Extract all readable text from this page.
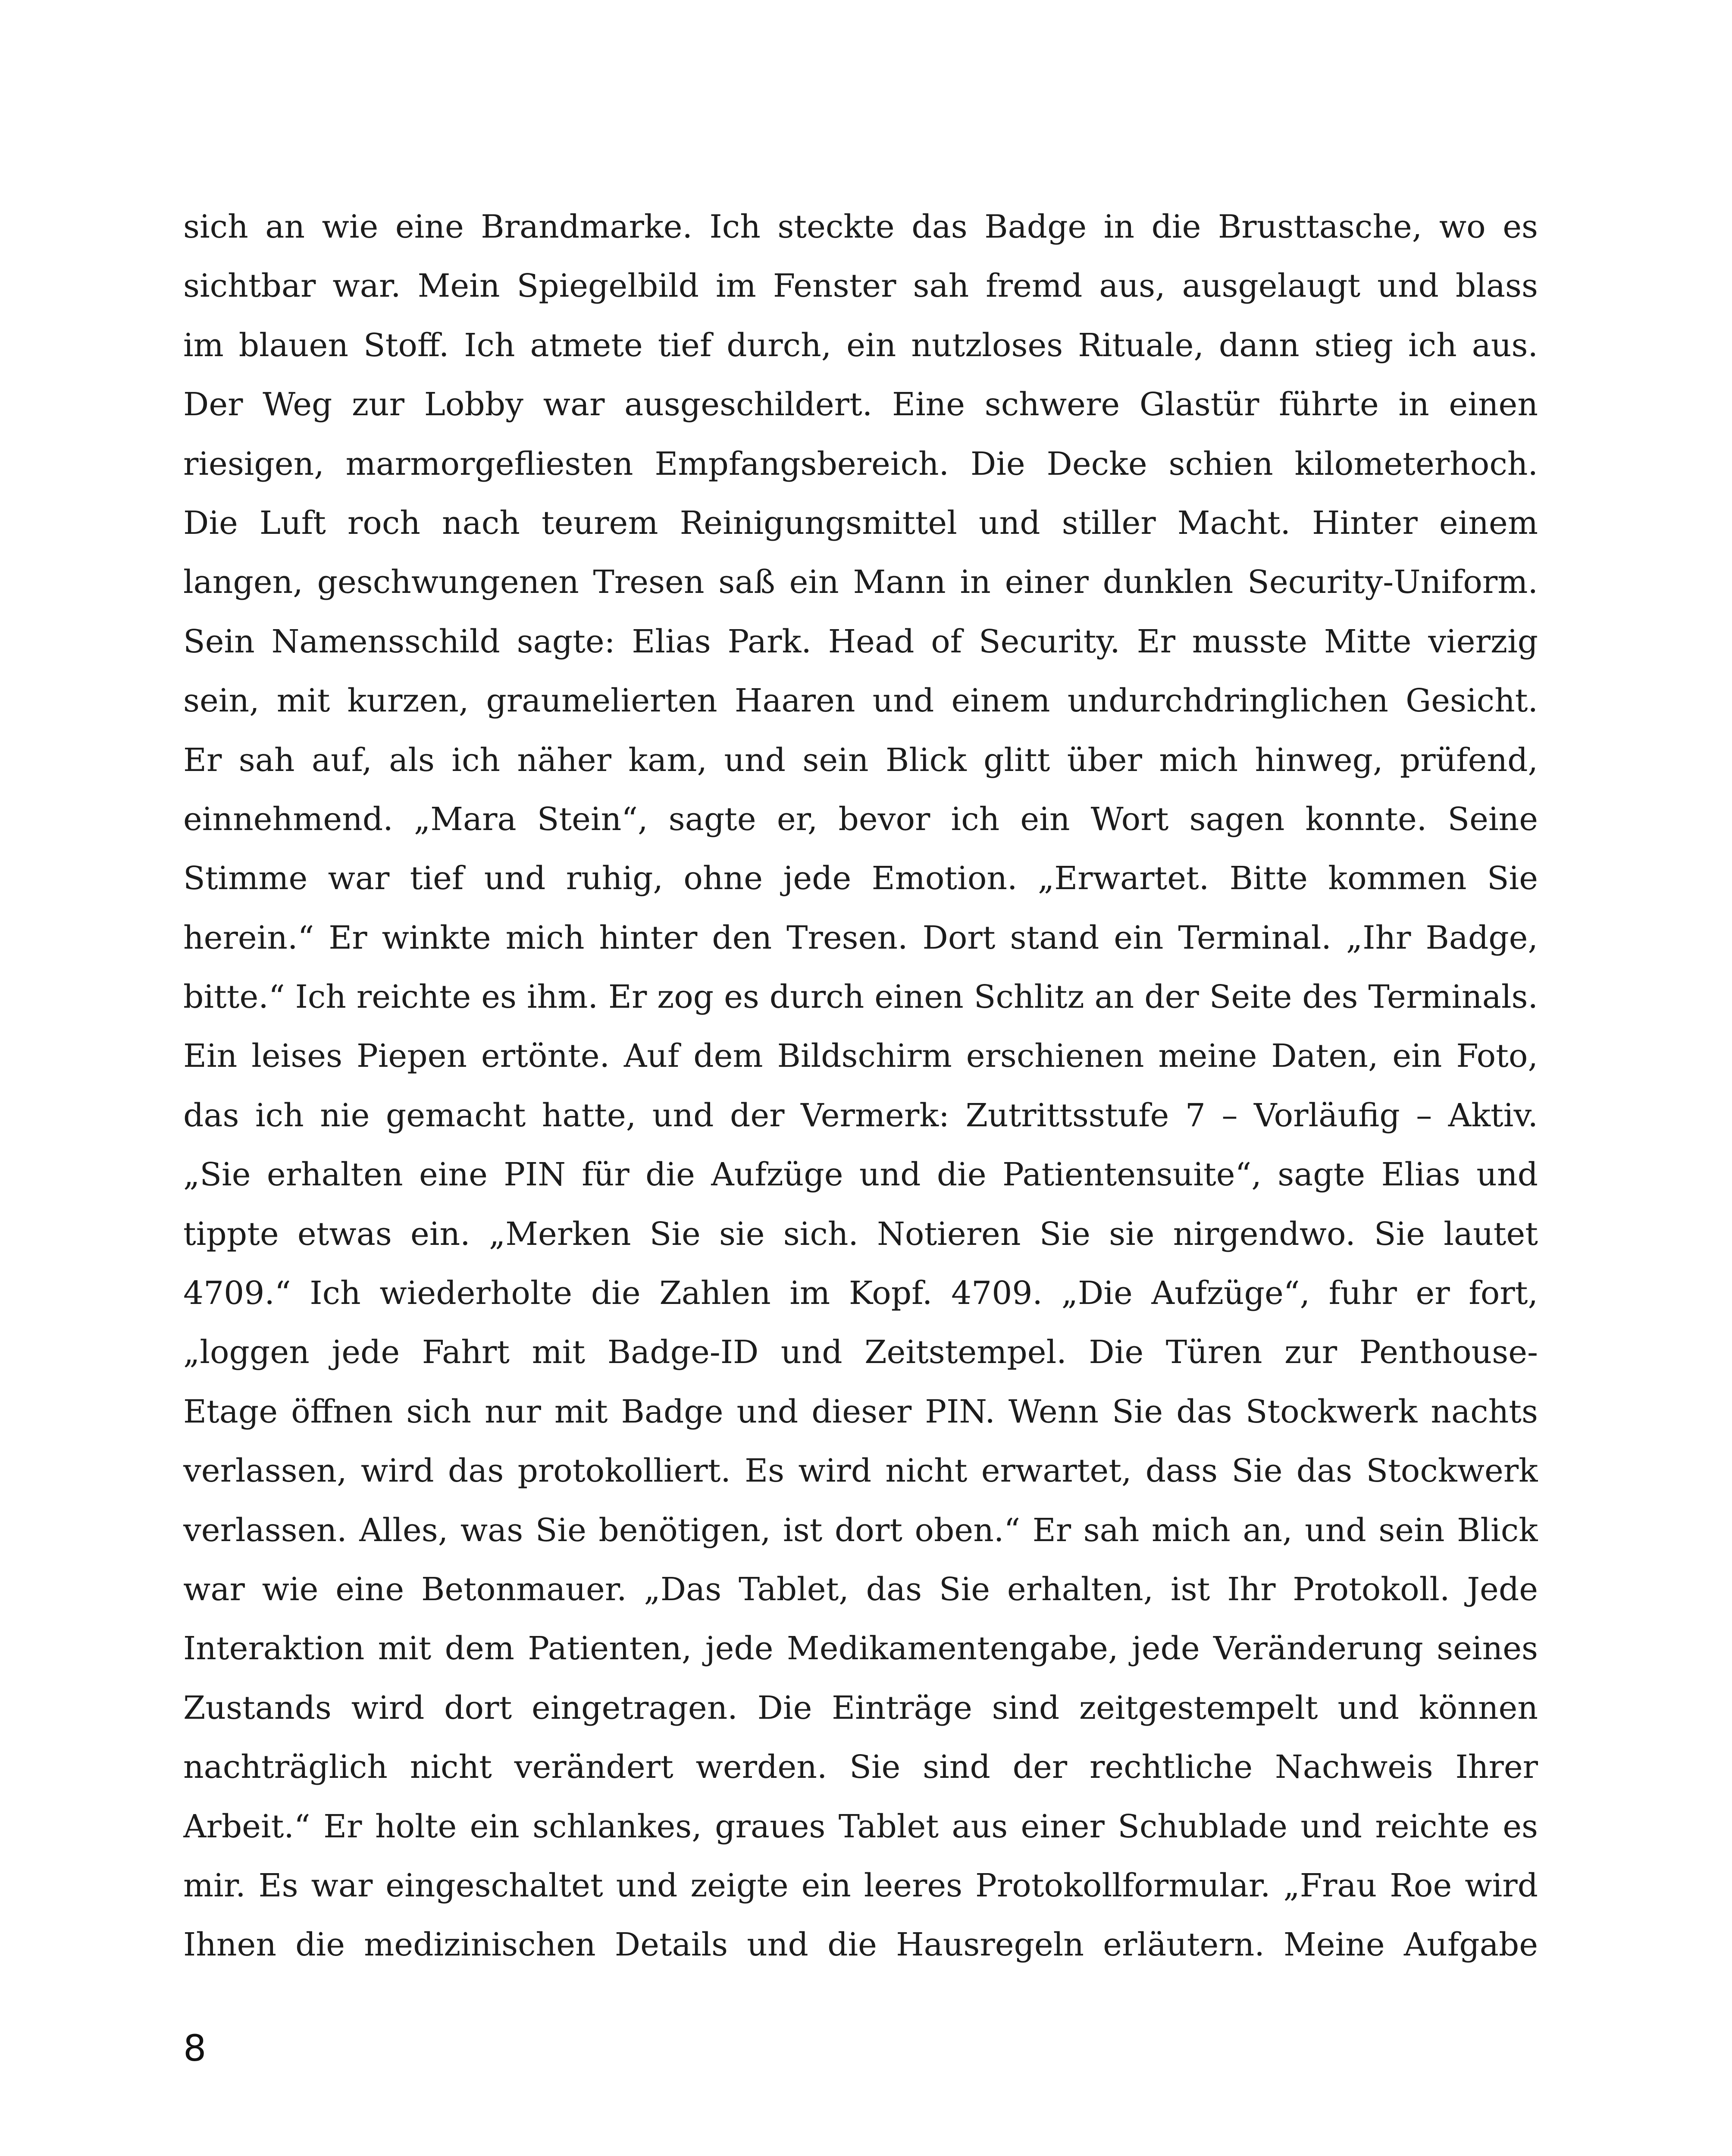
sich an wie eine Brandmarke. Ich steckte das Badge in die Brusttasche, wo es
sichtbar war. Mein Spiegelbild im Fenster sah fremd aus, ausgelaugt und blass
im blauen Stoff. Ich atmete tief durch, ein nutzloses Rituale, dann stieg ich aus.
Der Weg zur Lobby war ausgeschildert. Eine schwere Glastür führte in einen
riesigen, marmorgefliesten Empfangsbereich. Die Decke schien kilometerhoch.
Die Luft roch nach teurem Reinigungsmittel und stiller Macht. Hinter einem
langen, geschwungenen Tresen saß ein Mann in einer dunklen Security-Uniform.
Sein Namensschild sagte: Elias Park. Head of Security. Er musste Mitte vierzig
sein, mit kurzen, graumelierten Haaren und einem undurchdringlichen Gesicht.
Er sah auf, als ich näher kam, und sein Blick glitt über mich hinweg, prüfend,
einnehmend. „Mara Stein“, sagte er, bevor ich ein Wort sagen konnte. Seine
Stimme war tief und ruhig, ohne jede Emotion. „Erwartet. Bitte kommen Sie
herein.“ Er winkte mich hinter den Tresen. Dort stand ein Terminal. „Ihr Badge,
bitte.“ Ich reichte es ihm. Er zog es durch einen Schlitz an der Seite des Terminals.
Ein leises Piepen ertönte. Auf dem Bildschirm erschienen meine Daten, ein Foto,
das ich nie gemacht hatte, und der Vermerk: Zutrittsstufe 7 – Vorläufig – Aktiv.
„Sie erhalten eine PIN für die Aufzüge und die Patientensuite“, sagte Elias und
tippte etwas ein. „Merken Sie sie sich. Notieren Sie sie nirgendwo. Sie lautet
4709.“ Ich wiederholte die Zahlen im Kopf. 4709. „Die Aufzüge“, fuhr er fort,
„loggen jede Fahrt mit Badge-ID und Zeitstempel. Die Türen zur Penthouse-
Etage öffnen sich nur mit Badge und dieser PIN. Wenn Sie das Stockwerk nachts
verlassen, wird das protokolliert. Es wird nicht erwartet, dass Sie das Stockwerk
verlassen. Alles, was Sie benötigen, ist dort oben.“ Er sah mich an, und sein Blick
war wie eine Betonmauer. „Das Tablet, das Sie erhalten, ist Ihr Protokoll. Jede
Interaktion mit dem Patienten, jede Medikamentengabe, jede Veränderung seines
Zustands wird dort eingetragen. Die Einträge sind zeitgestempelt und können
nachträglich nicht verändert werden. Sie sind der rechtliche Nachweis Ihrer
Arbeit.“ Er holte ein schlankes, graues Tablet aus einer Schublade und reichte es
mir. Es war eingeschaltet und zeigte ein leeres Protokollformular. „Frau Roe wird
Ihnen die medizinischen Details und die Hausregeln erläutern. Meine Aufgabe
8
